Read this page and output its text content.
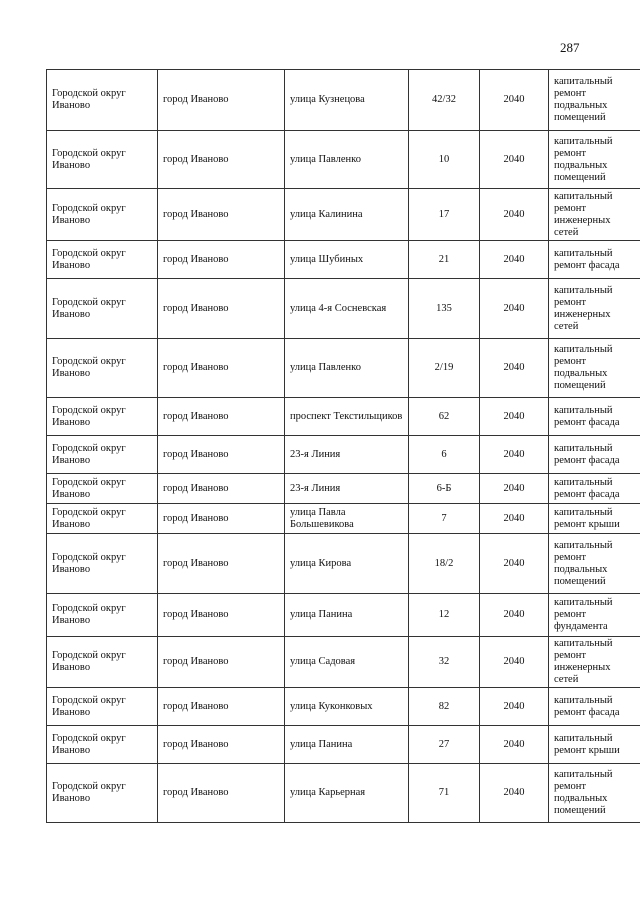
287
Городской округ Иваново	город Иваново	улица Кузнецова	42/32	2040	капитальный ремонт подвальных помещений

Городской округ Иваново	город Иваново	улица Павленко	10	2040	капитальный ремонт подвальных помещений

Городской округ Иваново	город Иваново	улица Калинина	17	2040	капитальный ремонт инженерных сетей

Городской округ Иваново	город Иваново	улица Шубиных	21	2040	капитальный ремонт фасада

Городской округ Иваново	город Иваново	улица 4-я Сосневская	135	2040	капитальный ремонт инженерных сетей

Городской округ Иваново	город Иваново	улица Павленко	2/19	2040	капитальный ремонт подвальных помещений

Городской округ Иваново	город Иваново	проспект Текстильщиков	62	2040	капитальный ремонт фасада

Городской округ Иваново	город Иваново	23-я Линия	6	2040	капитальный ремонт фасада

Городской округ Иваново	город Иваново	23-я Линия	6-Б	2040	капитальный ремонт фасада

Городской округ Иваново	город Иваново	улица Павла Большевикова	7	2040	капитальный ремонт крыши

Городской округ Иваново	город Иваново	улица Кирова	18/2	2040	капитальный ремонт подвальных помещений

Городской округ Иваново	город Иваново	улица Панина	12	2040	капитальный ремонт фундамента

Городской округ Иваново	город Иваново	улица Садовая	32	2040	капитальный ремонт инженерных сетей

Городской округ Иваново	город Иваново	улица Куконковых	82	2040	капитальный ремонт фасада

Городской округ Иваново	город Иваново	улица Панина	27	2040	капитальный ремонт крыши

Городской округ Иваново	город Иваново	улица Карьерная	71	2040	капитальный ремонт подвальных помещений
